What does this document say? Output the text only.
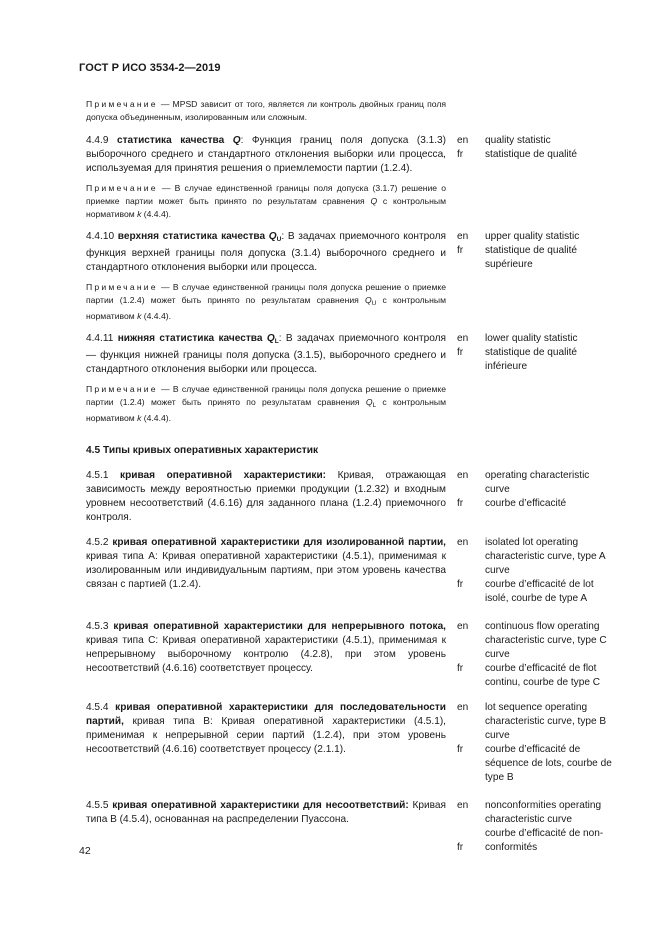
ГОСТ Р ИСО 3534-2—2019
Примечание — MPSD зависит от того, является ли контроль двойных границ поля допуска объединенным, изолированным или сложным.
4.4.9 статистика качества Q: Функция границ поля допуска (3.1.3) выборочного среднего и стандартного отклонения выборки или процесса, используемая для принятия решения о приемлемости партии (1.2.4).
en
fr
quality statistic
statistique de qualité
Примечание — В случае единственной границы поля допуска (3.1.7) решение о приемке партии может быть принято по результатам сравнения Q с контрольным нормативом k (4.4.4).
4.4.10 верхняя статистика качества $Q_U$: В задачах приемочного контроля функция верхней границы поля допуска (3.1.4) выборочного среднего и стандартного отклонения выборки или процесса.
en
fr
upper quality statistic
statistique de qualité supérieure
Примечание — В случае единственной границы поля допуска решение о приемке партии (1.2.4) может быть принято по результатам сравнения $Q_U$ с контрольным нормативом k (4.4.4).
4.4.11 нижняя статистика качества $Q_L$: В задачах приемочного контроля — функция нижней границы поля допуска (3.1.5), выборочного среднего и стандартного отклонения выборки или процесса.
en
fr
lower quality statistic
statistique de qualité inférieure
Примечание — В случае единственной границы поля допуска решение о приемке партии (1.2.4) может быть принято по результатам сравнения $Q_L$ с контрольным нормативом k (4.4.4).
4.5 Типы кривых оперативных характеристик
4.5.1 кривая оперативной характеристики: Кривая, отражающая зависимость между вероятностью приемки продукции (1.2.32) и входным уровнем несоответствий (4.6.16) для заданного плана (1.2.4) приемочного контроля.
en
fr
operating characteristic curve
courbe d’efficacité
4.5.2 кривая оперативной характеристики для изолированной партии, кривая типа А: Кривая оперативной характеристики (4.5.1), применимая к изолированным или индивидуальным партиям, при этом уровень качества связан с партией (1.2.4).
en
fr
isolated lot operating characteristic curve, type A curve
courbe d’efficacité de lot isolé, courbe de type A
4.5.3 кривая оперативной характеристики для непрерывного потока, кривая типа С: Кривая оперативной характеристики (4.5.1), применимая к непрерывному выборочному контролю (4.2.8), при этом уровень несоответствий (4.6.16) соответствует процессу.
en
fr
continuous flow operating characteristic curve, type C curve
courbe d’efficacité de flot continu, courbe de type C
4.5.4 кривая оперативной характеристики для последовательности партий, кривая типа В: Кривая оперативной характеристики (4.5.1), применимая к непрерывной серии партий (1.2.4), при этом уровень несоответствий (4.6.16) соответствует процессу (2.1.1).
en
fr
lot sequence operating characteristic curve, type B curve
courbe d’efficacité de séquence de lots, courbe de type B
4.5.5 кривая оперативной характеристики для несоответствий: Кривая типа В (4.5.4), основанная на распределении Пуассона.
en
fr
nonconformities operating characteristic curve
courbe d’efficacité de non-conformités
42
